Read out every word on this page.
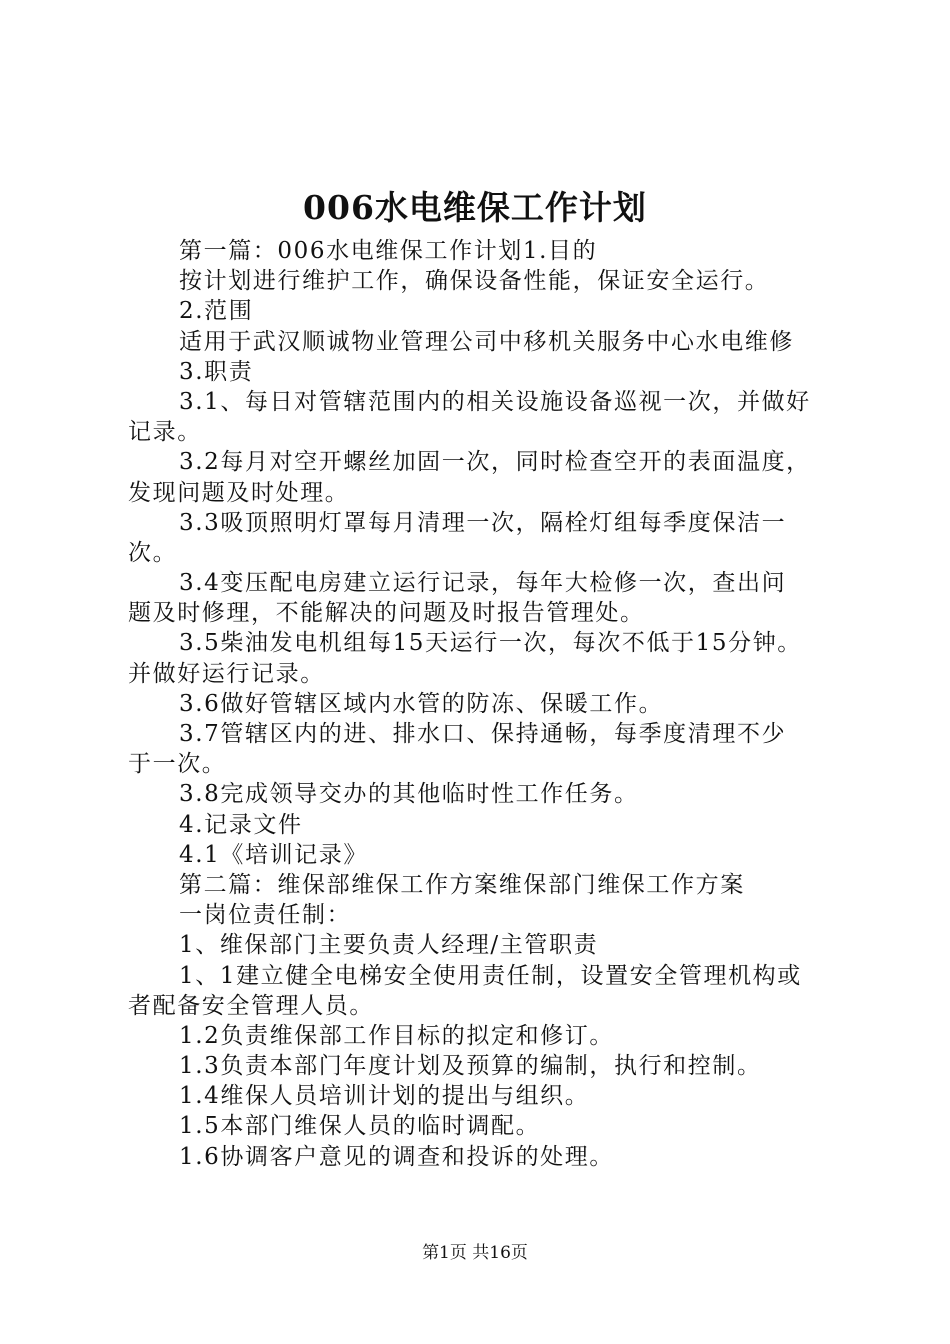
006水电维保工作计划
第一篇：006水电维保工作计划1.目的
按计划进行维护工作，确保设备性能，保证安全运行。
2.范围
适用于武汉顺诚物业管理公司中移机关服务中心水电维修
3.职责
3.1、每日对管辖范围内的相关设施设备巡视一次，并做好
记录。
3.2每月对空开螺丝加固一次，同时检查空开的表面温度，
发现问题及时处理。
3.3吸顶照明灯罩每月清理一次，隔栓灯组每季度保洁一
次。
3.4变压配电房建立运行记录，每年大检修一次，查出问
题及时修理，不能解决的问题及时报告管理处。
3.5柴油发电机组每15天运行一次，每次不低于15分钟。
并做好运行记录。
3.6做好管辖区域内水管的防冻、保暖工作。
3.7管辖区内的进、排水口、保持通畅，每季度清理不少
于一次。
3.8完成领导交办的其他临时性工作任务。
4.记录文件
4.1《培训记录》
第二篇：维保部维保工作方案维保部门维保工作方案
一岗位责任制：
1、维保部门主要负责人经理/主管职责
1、1建立健全电梯安全使用责任制，设置安全管理机构或
者配备安全管理人员。
1.2负责维保部工作目标的拟定和修订。
1.3负责本部门年度计划及预算的编制，执行和控制。
1.4维保人员培训计划的提出与组织。
1.5本部门维保人员的临时调配。
1.6协调客户意见的调查和投诉的处理。
第1页 共16页
